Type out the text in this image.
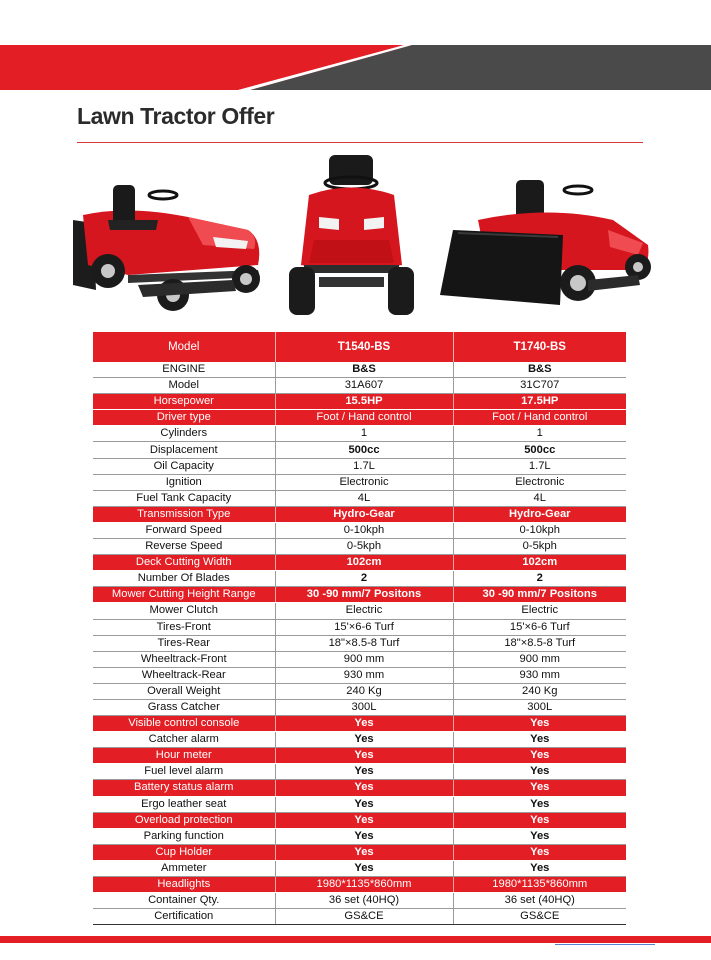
Lawn Tractor Offer
Model	T1540-BS	T1740-BS
ENGINE	B&S	B&S
Model	31A607	31C707
Horsepower	15.5HP	17.5HP
Driver type	Foot / Hand control	Foot / Hand control
Cylinders	1	1
Displacement	500cc	500cc
Oil Capacity	1.7L	1.7L
Ignition	Electronic	Electronic
Fuel Tank Capacity	4L	4L
Transmission Type	Hydro-Gear	Hydro-Gear
Forward Speed	0-10kph	0-10kph
Reverse Speed	0-5kph	0-5kph
Deck Cutting Width	102cm	102cm
Number Of Blades	2	2
Mower Cutting Height Range	30 -90 mm/7 Positons	30 -90 mm/7 Positons
Mower Clutch	Electric	Electric
Tires-Front	15'×6-6 Turf	15'×6-6 Turf
Tires-Rear	18"×8.5-8 Turf	18"×8.5-8 Turf
Wheeltrack-Front	900 mm	900 mm
Wheeltrack-Rear	930 mm	930 mm
Overall Weight	240 Kg	240 Kg
Grass Catcher	300L	300L
Visible control console	Yes	Yes
Catcher alarm	Yes	Yes
Hour meter	Yes	Yes
Fuel level alarm	Yes	Yes
Battery status alarm	Yes	Yes
Ergo leather seat	Yes	Yes
Overload protection	Yes	Yes
Parking function	Yes	Yes
Cup Holder	Yes	Yes
Ammeter	Yes	Yes
Headlights	1980*1135*860mm	1980*1135*860mm
Container Qty.	36 set (40HQ)	36 set (40HQ)
Certification	GS&CE	GS&CE
